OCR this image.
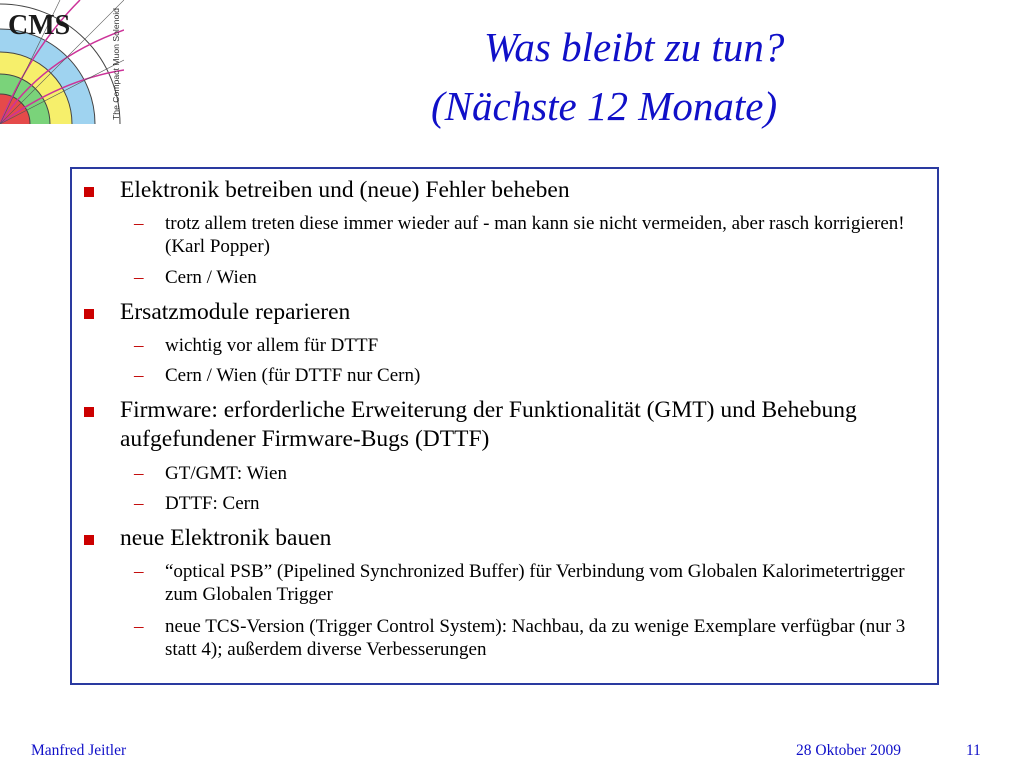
CMS	The Compact Muon Solenoid	Was bleibt zu tun?
(Nächste 12 Monate)
Elektronik betreiben und (neue) Fehler beheben
– trotz allem treten diese immer wieder auf - man kann sie nicht vermeiden, aber rasch korrigieren! (Karl Popper)
– Cern / Wien
Ersatzmodule reparieren
– wichtig vor allem für DTTF
– Cern / Wien (für DTTF nur Cern)
Firmware: erforderliche Erweiterung der Funktionalität (GMT) und Behebung aufgefundener Firmware-Bugs (DTTF)
– GT/GMT: Wien
– DTTF: Cern
neue Elektronik bauen
– “optical PSB” (Pipelined Synchronized Buffer) für Verbindung vom Globalen Kalorimetertrigger zum Globalen Trigger
– neue TCS-Version (Trigger Control System): Nachbau, da zu wenige Exemplare verfügbar (nur 3 statt 4); außerdem diverse Verbesserungen
Manfred Jeitler	28 Oktober 2009	11
